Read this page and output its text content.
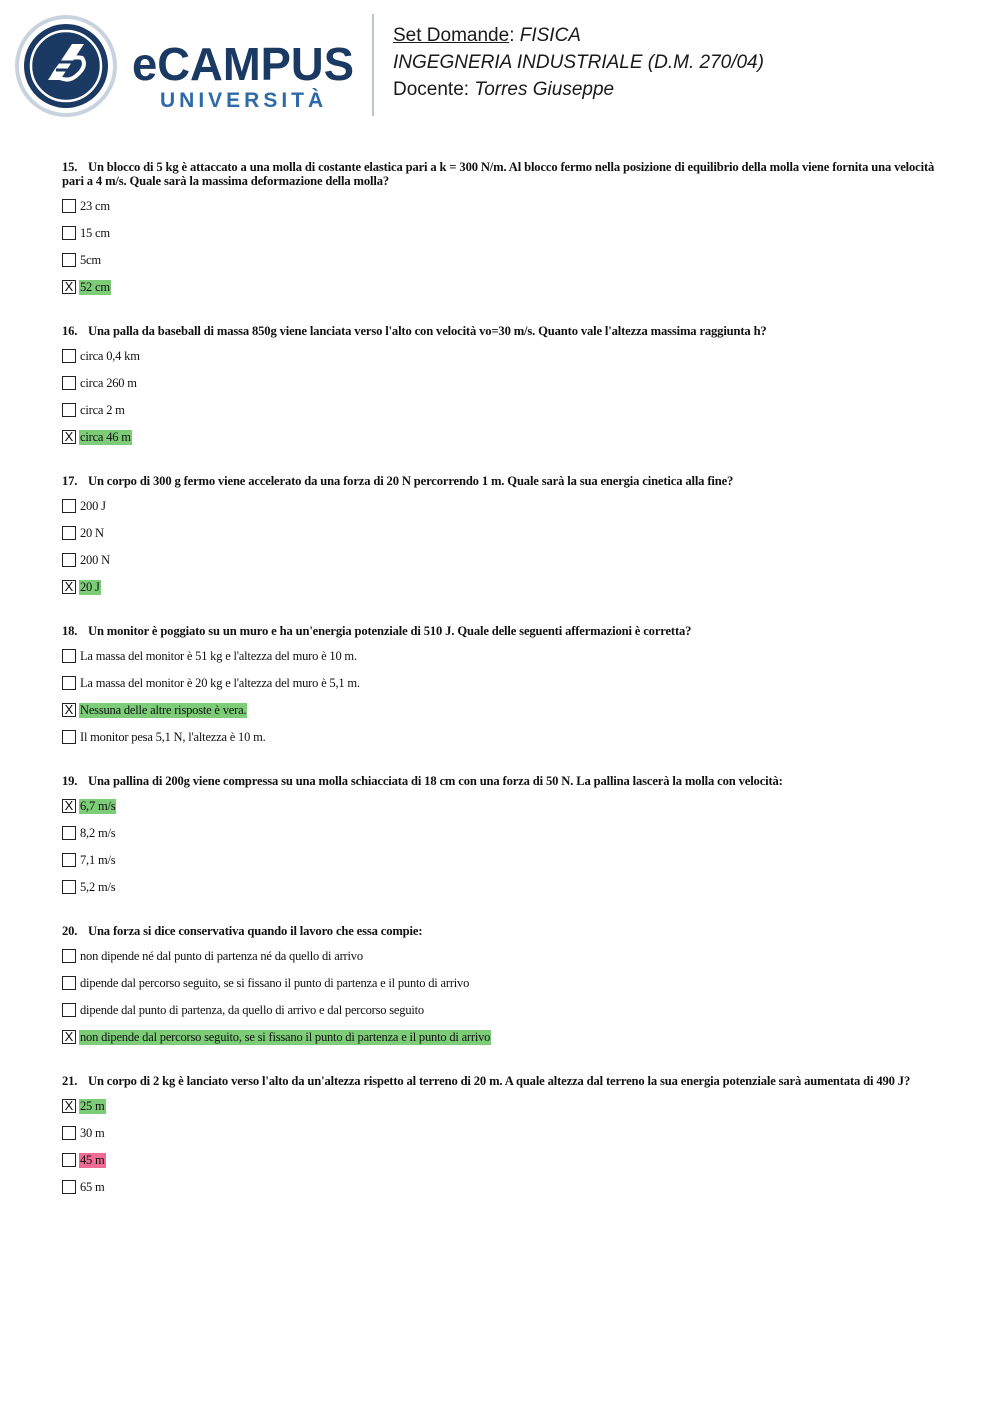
eCAMPUS
UNIVERSITÀ
Set Domande: FISICA
INGEGNERIA INDUSTRIALE (D.M. 270/04)
Docente: Torres Giuseppe
15. Un blocco di 5 kg è attaccato a una molla di costante elastica pari a k = 300 N/m. Al blocco fermo nella posizione di equilibrio della molla viene fornita una velocità pari a 4 m/s. Quale sarà la massima deformazione della molla?
23 cm
15 cm
5cm
X 52 cm
16. Una palla da baseball di massa 850g viene lanciata verso l'alto con velocità vo=30 m/s. Quanto vale l'altezza massima raggiunta h?
circa 0,4 km
circa 260 m
circa 2 m
X circa 46 m
17. Un corpo di 300 g fermo viene accelerato da una forza di 20 N percorrendo 1 m. Quale sarà la sua energia cinetica alla fine?
200 J
20 N
200 N
X 20 J
18. Un monitor è poggiato su un muro e ha un'energia potenziale di 510 J. Quale delle seguenti affermazioni è corretta?
La massa del monitor è 51 kg e l'altezza del muro è 10 m.
La massa del monitor è 20 kg e l'altezza del muro è 5,1 m.
X Nessuna delle altre risposte è vera.
Il monitor pesa 5,1 N, l'altezza è 10 m.
19. Una pallina di 200g viene compressa su una molla schiacciata di 18 cm con una forza di 50 N. La pallina lascerà la molla con velocità:
X 6,7 m/s
8,2 m/s
7,1 m/s
5,2 m/s
20. Una forza si dice conservativa quando il lavoro che essa compie:
non dipende né dal punto di partenza né da quello di arrivo
dipende dal percorso seguito, se si fissano il punto di partenza e il punto di arrivo
dipende dal punto di partenza, da quello di arrivo e dal percorso seguito
X non dipende dal percorso seguito, se si fissano il punto di partenza e il punto di arrivo
21. Un corpo di 2 kg è lanciato verso l'alto da un'altezza rispetto al terreno di 20 m. A quale altezza dal terreno la sua energia potenziale sarà aumentata di 490 J?
X 25 m
30 m
45 m
65 m
